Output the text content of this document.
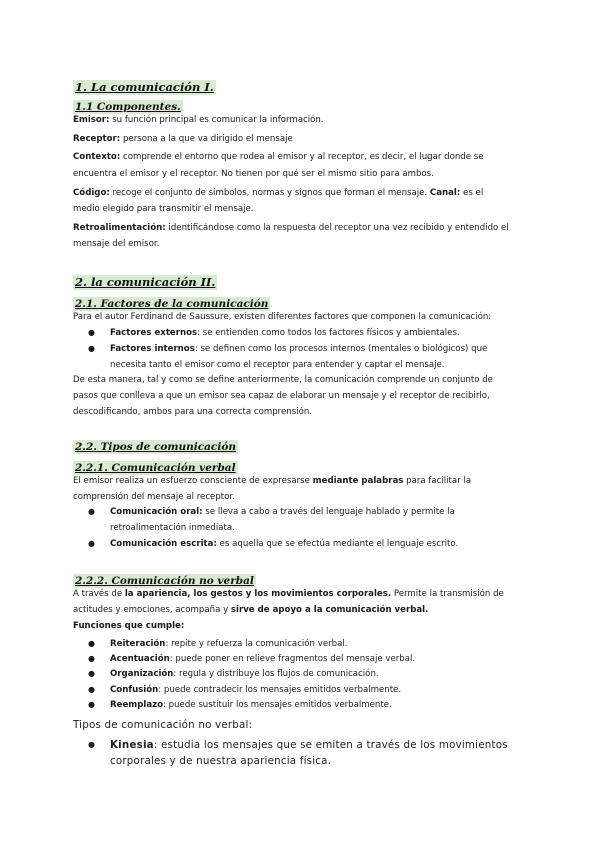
1. La comunicación I.
1.1 Componentes.

Emisor: su función principal es comunicar la información.

Receptor: persona a la que va dirigido el mensaje

Contexto: comprende el entorno que rodea al emisor y al receptor, es decir, el lugar donde se

encuentra el emisor y el receptor. No tienen por qué ser el mismo sitio para ambos.

Código: recoge el conjunto de símbolos, normas y signos que forman el mensaje. Canal: es el

medio elegido para transmitir el mensaje.

Retroalimentación: identificándose como la respuesta del receptor una vez recibido y entendido el

mensaje del emisor.

2. la comunicación II.
2.1. Factores de la comunicación

Para el autor Ferdinand de Saussure, existen diferentes factores que componen la comunicación:

● Factores externos: se entienden como todos los factores físicos y ambientales.
● Factores internos: se definen como los procesos internos (mentales o biológicos) que
necesita tanto el emisor como el receptor para entender y captar el mensaje.

De esta manera, tal y como se define anteriormente, la comunicación comprende un conjunto de

pasos que conlleva a que un emisor sea capaz de elaborar un mensaje y el receptor de recibirlo,

descodificando, ambos para una correcta comprensión.

2.2. Tipos de comunicación
2.2.1. Comunicación verbal

El emisor realiza un esfuerzo consciente de expresarse mediante palabras para facilitar la

comprensión del mensaje al receptor.

● Comunicación oral: se lleva a cabo a través del lenguaje hablado y permite la
retroalimentación inmediata.
● Comunicación escrita: es aquella que se efectúa mediante el lenguaje escrito.
2.2.2. Comunicación no verbal

A través de la apariencia, los gestos y los movimientos corporales. Permite la transmisión de

actitudes y emociones, acompaña y sirve de apoyo a la comunicación verbal.

Funciones que cumple:

● Reiteración: repite y refuerza la comunicación verbal.
● Acentuación: puede poner en relieve fragmentos del mensaje verbal.
● Organización: regula y distribuye los flujos de comunicación.
● Confusión: puede contradecir los mensajes emitidos verbalmente.
● Reemplazo: puede sustituir los mensajes emitidos verbalmente.
Tipos de comunicación no verbal:
● Kinesia: estudia los mensajes que se emiten a través de los movimientos
corporales y de nuestra apariencia física.
